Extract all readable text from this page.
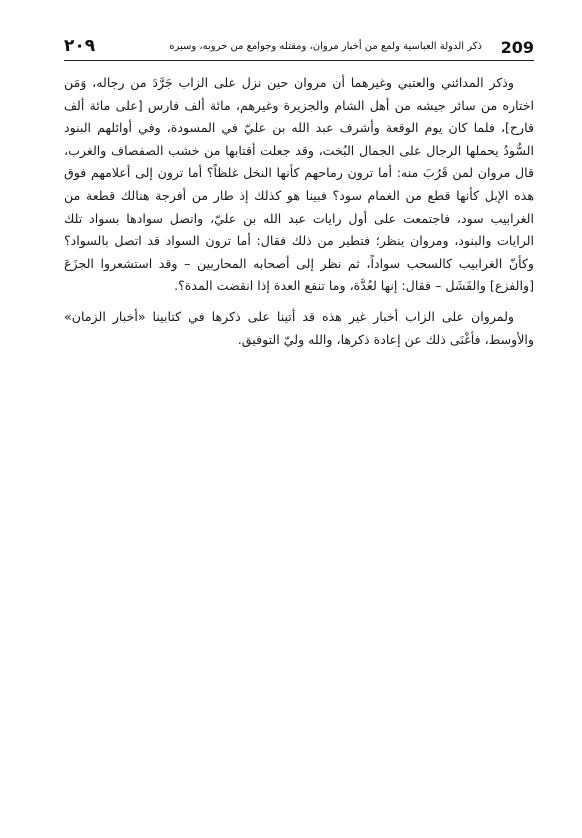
209
ذكر الدولة العباسية ولمع من أخبار مروان، ومقتله وجوامع من حروبه، وسيره
٢٠٩

وذكر المدائني والعتبي وغيرهما أن مروان حين نزل على الزاب جَرَّدَ من رجاله، وَمَن اختاره من سائر جيشه من أهل الشام والجزيرة وغيرهم، مائة ألف فارس [على مائة ألف قارح]، فلما كان يوم الوقعة وأشرف عبد الله بن عليّ في المسودة، وفي أوائلهم البنود السُّودُ يحملها الرجال على الجمال البُخت، وقد جعلت أقتابها من خشب الصفصاف والغرب، قال مروان لمن قَرُبَ منه: أما ترون رماحهم كأنها النخل غلظاً؟ أما ترون إلى أعلامهم فوق هذه الإبل كأنها قطع من الغمام سود؟ فبينا هو كذلك إذ طار من أفرجة هنالك قطعة من الغرابيب سود، فاجتمعت على أول رايات عبد الله بن عليّ، واتصل سوادها بسواد تلك الرايات والبنود، ومروان ينظر؛ فتطير من ذلك فقال: أما ترون السواد قد اتصل بالسواد؟ وكأنّ الغرابيب كالسحب سواداً، ثم نظر إلى أصحابه المحاربين – وقد استشعروا الجزَعَ [والفزع] والفَشَل – فقال: إنها لعُدَّة، وما تنفع العدة إذا انقضت المدة؟.

ولمروان على الزاب أخبار غير هذه قد أتينا على ذكرها في كتابينا «أخبار الزمان» والأوسط، فأغْنَى ذلك عن إعادة ذكرها، والله وليّ التوفيق.
